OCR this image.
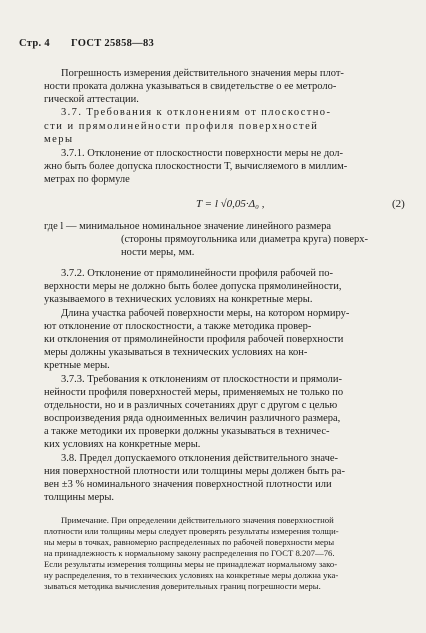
Стр. 4 ГОСТ 25858—83
Погрешность измерения действительного значения меры плот-
ности проката должна указываться в свидетельстве о ее метроло-
гической аттестации.
3.7. Требования к отклонениям от плоскостно-
сти и прямолинейности профиля поверхностей
меры
3.7.1. Отклонение от плоскостности поверхности меры не дол-
жно быть более допуска плоскостности T, вычисляемого в миллим-
метрах по формуле
T = l √0,05·Δ₀ ,	(2)
где l — минимальное номинальное значение линейного размера
(стороны прямоугольника или диаметра круга) поверх-
ности меры, мм.
3.7.2. Отклонение от прямолинейности профиля рабочей по-
верхности меры не должно быть более допуска прямолинейности,
указываемого в технических условиях на конкретные меры.
Длина участка рабочей поверхности меры, на котором нормиру-
ют отклонение от плоскостности, а также методика провер-
ки отклонения от прямолинейности профиля рабочей поверхности
меры должны указываться в технических условиях на кон-
кретные меры.
3.7.3. Требования к отклонениям от плоскостности и прямоли-
нейности профиля поверхностей меры, применяемых не только по
отдельности, но и в различных сочетаниях друг с другом с целью
воспроизведения ряда одноименных величин различного размера,
а также методики их проверки должны указываться в техничес-
ких условиях на конкретные меры.
3.8. Предел допускаемого отклонения действительного значе-
ния поверхностной плотности или толщины меры должен быть ра-
вен ±3 % номинального значения поверхностной плотности или
толщины меры.
Примечание. При определении действительного значения поверхностной
плотности или толщины меры следует проверять результаты измерения толщи-
ны меры в точках, равномерно распределенных по рабочей поверхности меры
на принадлежность к нормальному закону распределения по ГОСТ 8.207—76.
Если результаты измерения толщины меры не принадлежат нормальному зако-
ну распределения, то в технических условиях на конкретные меры должна ука-
зываться методика вычисления доверительных границ погрешности меры.
